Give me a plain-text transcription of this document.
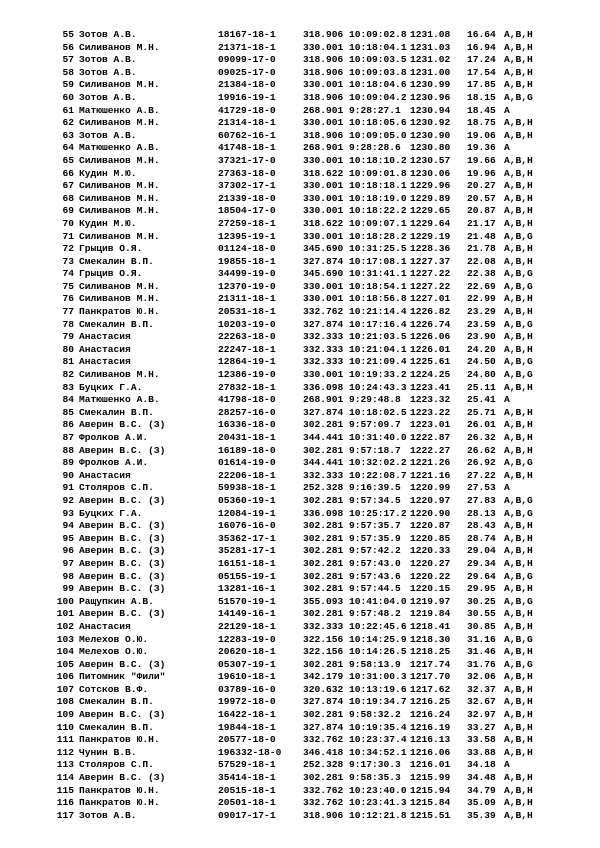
55 Зотов А.В.	18167-18-1	318.906 10:09:02.8 1231.08 16.64 A,B,H
56 Силиванов М.Н.	21371-18-1	330.001 10:18:04.1 1231.03 16.94 A,B,H
57 Зотов А.В.	09099-17-0	318.906 10:09:03.5 1231.02 17.24 A,B,H
58 Зотов А.В.	09025-17-0	318.906 10:09:03.8 1231.00 17.54 A,B,H
59 Силиванов М.Н.	21384-18-0	330.001 10:18:04.6 1230.99 17.85 A,B,H
60 Зотов А.В.	19916-19-1	318.906 10:09:04.2 1230.96 18.15 A,B,G
61 Матюшенко А.В.	41729-18-0	268.901 9:28:27.1 1230.94 18.45 A
62 Силиванов М.Н.	21314-18-1	330.001 10:18:05.6 1230.92 18.75 A,B,H
63 Зотов А.В.	60762-16-1	318.906 10:09:05.0 1230.90 19.06 A,B,H
64 Матюшенко А.В.	41748-18-1	268.901 9:28:28.6 1230.80 19.36 A
65 Силиванов М.Н.	37321-17-0	330.001 10:18:10.2 1230.57 19.66 A,B,H
66 Кудин М.Ю.	27363-18-0	318.622 10:09:01.8 1230.06 19.96 A,B,H
67 Силиванов М.Н.	37302-17-1	330.001 10:18:18.1 1229.96 20.27 A,B,H
68 Силиванов М.Н.	21339-18-0	330.001 10:18:19.0 1229.89 20.57 A,B,H
69 Силиванов М.Н.	18504-17-0	330.001 10:18:22.2 1229.65 20.87 A,B,H
70 Кудин М.Ю.	27259-18-1	318.622 10:09:07.1 1229.64 21.17 A,B,H
71 Силиванов М.Н.	12395-19-1	330.001 10:18:28.2 1229.19 21.48 A,B,G
72 Грыцив О.Я.	01124-18-0	345.690 10:31:25.5 1228.36 21.78 A,B,H
73 Смекалин В.П.	19855-18-1	327.874 10:17:08.1 1227.37 22.08 A,B,H
74 Грыцив О.Я.	34499-19-0	345.690 10:31:41.1 1227.22 22.38 A,B,G
75 Силиванов М.Н.	12370-19-0	330.001 10:18:54.1 1227.22 22.69 A,B,G
76 Силиванов М.Н.	21311-18-1	330.001 10:18:56.8 1227.01 22.99 A,B,H
77 Панкратов Ю.Н.	20531-18-1	332.762 10:21:14.4 1226.82 23.29 A,B,H
78 Смекалин В.П.	10203-19-0	327.874 10:17:16.4 1226.74 23.59 A,B,G
79 Анастасия	22263-18-0	332.333 10:21:03.5 1226.06 23.90 A,B,H
80 Анастасия	22247-18-1	332.333 10:21:04.1 1226.01 24.20 A,B,H
81 Анастасия	12864-19-1	332.333 10:21:09.4 1225.61 24.50 A,B,G
82 Силиванов М.Н.	12386-19-0	330.001 10:19:33.2 1224.25 24.80 A,B,G
83 Буцких Г.А.	27832-18-1	336.098 10:24:43.3 1223.41 25.11 A,B,H
84 Матюшенко А.В.	41798-18-0	268.901 9:29:48.8 1223.32 25.41 A
85 Смекалин В.П.	28257-16-0	327.874 10:18:02.5 1223.22 25.71 A,B,H
86 Аверин В.С. (З)	16336-18-0	302.281 9:57:09.7 1223.01 26.01 A,B,H
87 Фролков А.И.	20431-18-1	344.441 10:31:40.0 1222.87 26.32 A,B,H
88 Аверин В.С. (З)	16189-18-0	302.281 9:57:18.7 1222.27 26.62 A,B,H
89 Фролков А.И.	01614-19-0	344.441 10:32:02.2 1221.26 26.92 A,B,G
90 Анастасия	22206-18-1	332.333 10:22:08.7 1221.16 27.22 A,B,H
91 Столяров С.П.	59938-18-1	252.328 9:16:39.5 1220.99 27.53 A
92 Аверин В.С. (З)	05360-19-1	302.281 9:57:34.5 1220.97 27.83 A,B,G
93 Буцких Г.А.	12084-19-1	336.098 10:25:17.2 1220.90 28.13 A,B,G
94 Аверин В.С. (З)	16076-16-0	302.281 9:57:35.7 1220.87 28.43 A,B,H
95 Аверин В.С. (З)	35362-17-1	302.281 9:57:35.9 1220.85 28.74 A,B,H
96 Аверин В.С. (З)	35281-17-1	302.281 9:57:42.2 1220.33 29.04 A,B,H
97 Аверин В.С. (З)	16151-18-1	302.281 9:57:43.0 1220.27 29.34 A,B,H
98 Аверин В.С. (З)	05155-19-1	302.281 9:57:43.6 1220.22 29.64 A,B,G
99 Аверин В.С. (З)	13281-16-1	302.281 9:57:44.5 1220.15 29.95 A,B,H
100 Ращупкин А.В.	51570-19-1	355.093 10:41:04.0 1219.97 30.25 A,B,G
101 Аверин В.С. (З)	14149-16-1	302.281 9:57:48.2 1219.84 30.55 A,B,H
102 Анастасия	22129-18-1	332.333 10:22:45.6 1218.41 30.85 A,B,H
103 Мелехов О.Ю.	12283-19-0	322.156 10:14:25.9 1218.30 31.16 A,B,G
104 Мелехов О.Ю.	20620-18-1	322.156 10:14:26.5 1218.25 31.46 A,B,H
105 Аверин В.С. (З)	05307-19-1	302.281 9:58:13.9 1217.74 31.76 A,B,G
106 Питомник "Фили"	19610-18-1	342.179 10:31:00.3 1217.70 32.06 A,B,H
107 Сотсков В.Ф.	03789-16-0	320.632 10:13:19.6 1217.62 32.37 A,B,H
108 Смекалин В.П.	19972-18-0	327.874 10:19:34.7 1216.25 32.67 A,B,H
109 Аверин В.С. (З)	16422-18-1	302.281 9:58:32.2 1216.24 32.97 A,B,H
110 Смекалин В.П.	19844-18-1	327.874 10:19:35.4 1216.19 33.27 A,B,H
111 Панкратов Ю.Н.	20577-18-0	332.762 10:23:37.4 1216.13 33.58 A,B,H
112 Чунин В.В.	196332-18-0 346.418 10:34:52.1 1216.06 33.88 A,B,H
113 Столяров С.П.	57529-18-1	252.328 9:17:30.3 1216.01 34.18 A
114 Аверин В.С. (З)	35414-18-1	302.281 9:58:35.3 1215.99 34.48 A,B,H
115 Панкратов Ю.Н.	20515-18-1	332.762 10:23:40.0 1215.94 34.79 A,B,H
116 Панкратов Ю.Н.	20501-18-1	332.762 10:23:41.3 1215.84 35.09 A,B,H
117 Зотов А.В.	09017-17-1	318.906 10:12:21.8 1215.51 35.39 A,B,H
